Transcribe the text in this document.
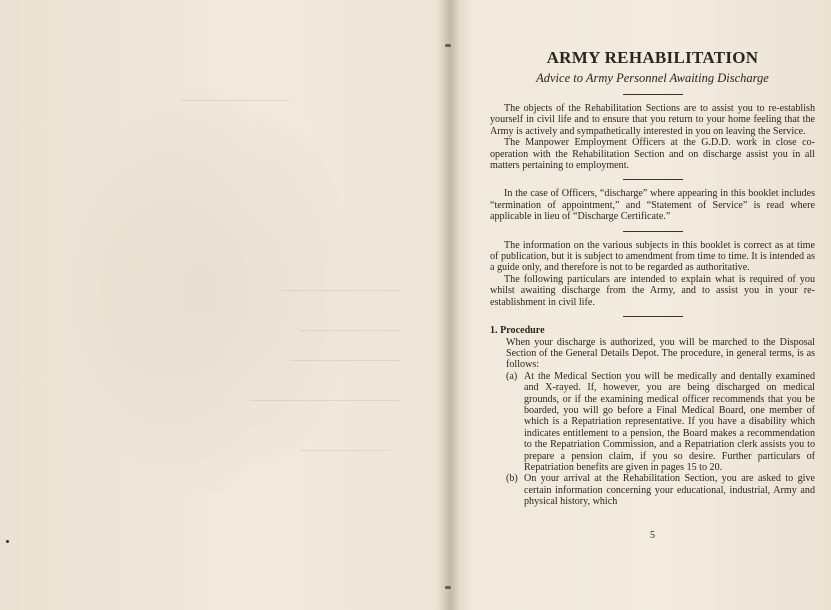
ARMY REHABILITATION
Advice to Army Personnel Awaiting Discharge

The objects of the Rehabilitation Sections are to assist you to re-establish yourself in civil life and to ensure that you return to your home feeling that the Army is actively and sympathetically interested in you on leaving the Service.

The Manpower Employment Officers at the G.D.D. work in close co-operation with the Rehabilitation Section and on discharge assist you in all matters pertaining to employment.

In the case of Officers, “discharge” where appearing in this booklet includes “termination of appointment,” and “Statement of Service” is read where applicable in lieu of “Discharge Certificate.”

The information on the various subjects in this booklet is correct as at time of publication, but it is subject to amendment from time to time. It is intended as a guide only, and therefore is not to be regarded as authoritative.

The following particulars are intended to explain what is required of you whilst awaiting discharge from the Army, and to assist you in your re-establishment in civil life.

1. Procedure

When your discharge is authorized, you will be marched to the Disposal Section of the General Details Depot. The procedure, in general terms, is as follows:

(a) At the Medical Section you will be medically and dentally examined and X-rayed. If, however, you are being discharged on medical grounds, or if the examining medical officer recommends that you be boarded, you will go before a Final Medical Board, one member of which is a Repatriation representative. If you have a disability which indicates entitlement to a pension, the Board makes a recommendation to the Repatriation Commission, and a Repatriation clerk assists you to prepare a pension claim, if you so desire. Further particulars of Repatriation benefits are given in pages 15 to 20.
(b) On your arrival at the Rehabilitation Section, you are asked to give certain information concerning your educational, industrial, Army and physical history, which
5
